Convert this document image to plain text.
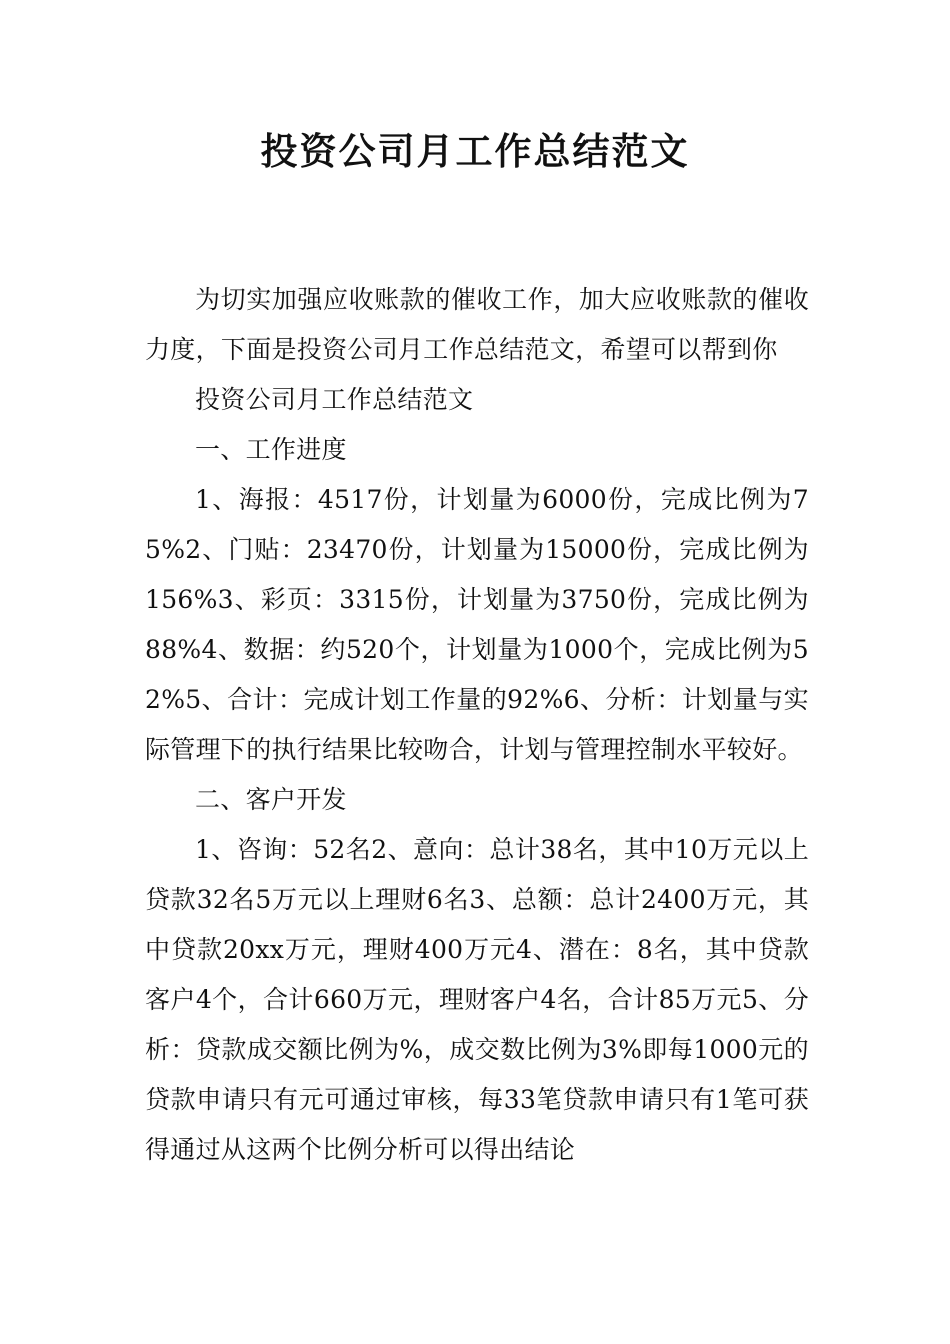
投资公司月工作总结范文

为切实加强应收账款的催收工作，加大应收账款的催收力度，下面是投资公司月工作总结范文，希望可以帮到你

投资公司月工作总结范文

一、工作进度

1、海报：4517份，计划量为6000份，完成比例为75%2、门贴：23470份，计划量为15000份，完成比例为156%3、彩页：3315份，计划量为3750份，完成比例为88%4、数据：约520个，计划量为1000个，完成比例为52%5、合计：完成计划工作量的92%6、分析：计划量与实际管理下的执行结果比较吻合，计划与管理控制水平较好。

二、客户开发

1、咨询：52名2、意向：总计38名，其中10万元以上贷款32名5万元以上理财6名3、总额：总计2400万元，其中贷款20xx万元，理财400万元4、潜在：8名，其中贷款客户4个，合计660万元，理财客户4名，合计85万元5、分析：贷款成交额比例为%，成交数比例为3%即每1000元的贷款申请只有元可通过审核，每33笔贷款申请只有1笔可获得通过从这两个比例分析可以得出结论
